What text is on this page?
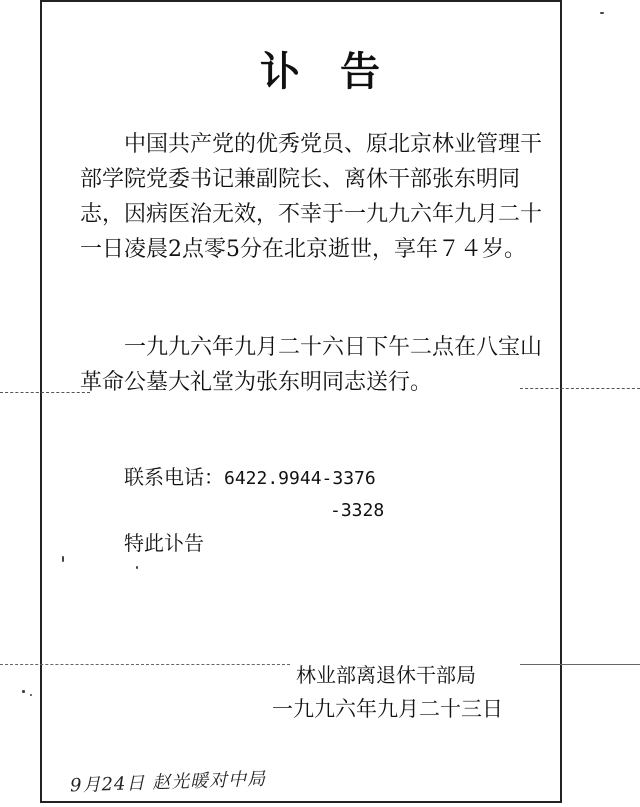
讣告
中国共产党的优秀党员、原北京林业管理干部学院党委书记兼副院长、离休干部张东明同志，因病医治无效，不幸于一九九六年九月二十一日凌晨2点零5分在北京逝世，享年７４岁。
一九九六年九月二十六日下午二点在八宝山革命公墓大礼堂为张东明同志送行。
联系电话：6422.9944-3376
-3328
特此讣告
林业部离退休干部局
一九九六年九月二十三日
9月24日 赵光暖对中局
